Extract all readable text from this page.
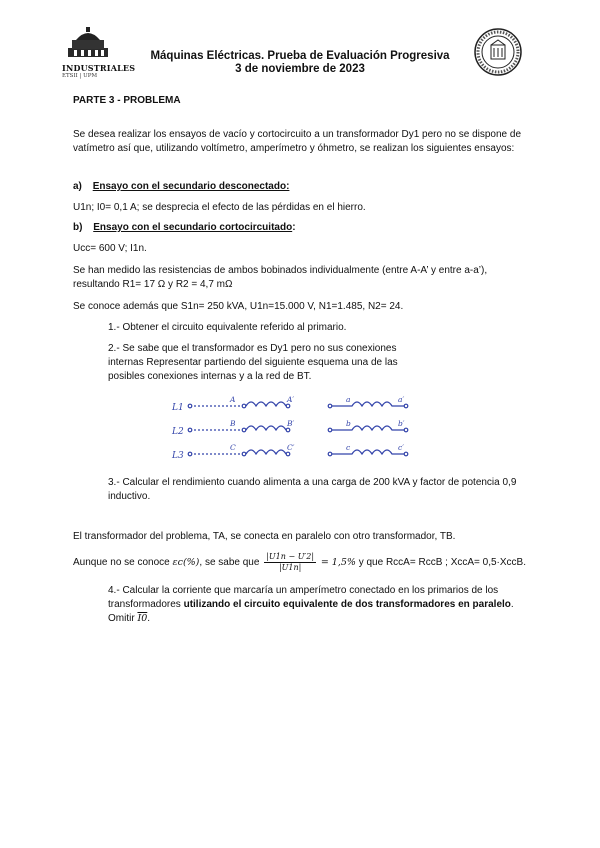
INDUSTRIALES
ETSII | UPM
Máquinas Eléctricas. Prueba de Evaluación Progresiva
3 de noviembre de 2023
PARTE 3 - PROBLEMA
Se desea realizar los ensayos de vacío y cortocircuito a un transformador Dy1 pero no se dispone de vatímetro así que, utilizando voltímetro, amperímetro y óhmetro, se realizan los siguientes ensayos:
a) Ensayo con el secundario desconectado:
U1n; I0= 0,1 A; se desprecia el efecto de las pérdidas en el hierro.
b) Ensayo con el secundario cortocircuitado:
Ucc= 600 V; I1n.
Se han medido las resistencias de ambos bobinados individualmente (entre A-A’ y entre a-a’), resultando R1= 17 Ω y R2 = 4,7 mΩ
Se conoce además que S1n= 250 kVA, U1n=15.000 V, N1=1.485, N2= 24.
1.- Obtener el circuito equivalente referido al primario.
2.- Se sabe que el transformador es Dy1 pero no sus conexiones internas Representar partiendo del siguiente esquema una de las posibles conexiones internas y a la red de BT.
L1
L2
L3
A
B
C
A′
B′
C′
a
b
c
a′
b′
c′
3.- Calcular el rendimiento cuando alimenta a una carga de 200 kVA y factor de potencia 0,9 inductivo.
El transformador del problema, TA, se conecta en paralelo con otro transformador, TB.
Aunque no se conoce εc(%), se sabe que $\frac{|U1n - U'2|}{|U1n|} = 1,5\%$ y que RccA= RccB ; XccA= 0,5·XccB.
4.- Calcular la corriente que marcaría un amperímetro conectado en los primarios de los transformadores utilizando el circuito equivalente de dos transformadores en paralelo. Omitir I0.
